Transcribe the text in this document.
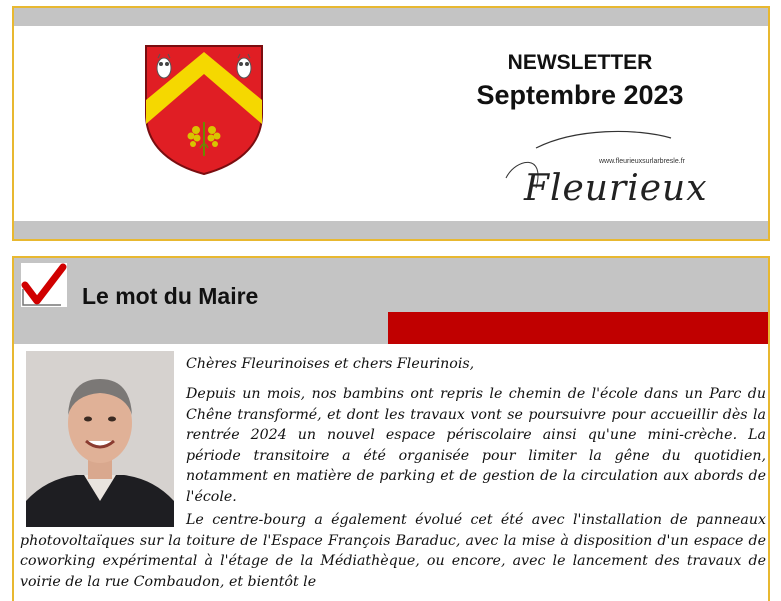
NEWSLETTER
Septembre 2023
www.fleurieuxsurlarbresle.fr
Fleurieux
Le mot du Maire
Chères Fleurinoises et chers Fleurinois,
Depuis un mois, nos bambins ont repris le chemin de l'école dans un Parc du Chêne transformé, et dont les travaux vont se poursuivre pour accueillir dès la rentrée 2024 un nouvel espace périscolaire ainsi qu'une mini-crèche. La période transitoire a été organisée pour limiter la gêne du quotidien, notamment en matière de parking et de gestion de la circulation aux abords de l'école.
Le centre-bourg a également évolué cet été avec l'installation de panneaux photovoltaïques sur la toiture de l'Espace François Baraduc, avec la mise à disposition d'un espace de coworking expérimental à l'étage de la Médiathèque, ou encore, avec le lancement des travaux de voirie de la rue Combaudon, et bientôt le
